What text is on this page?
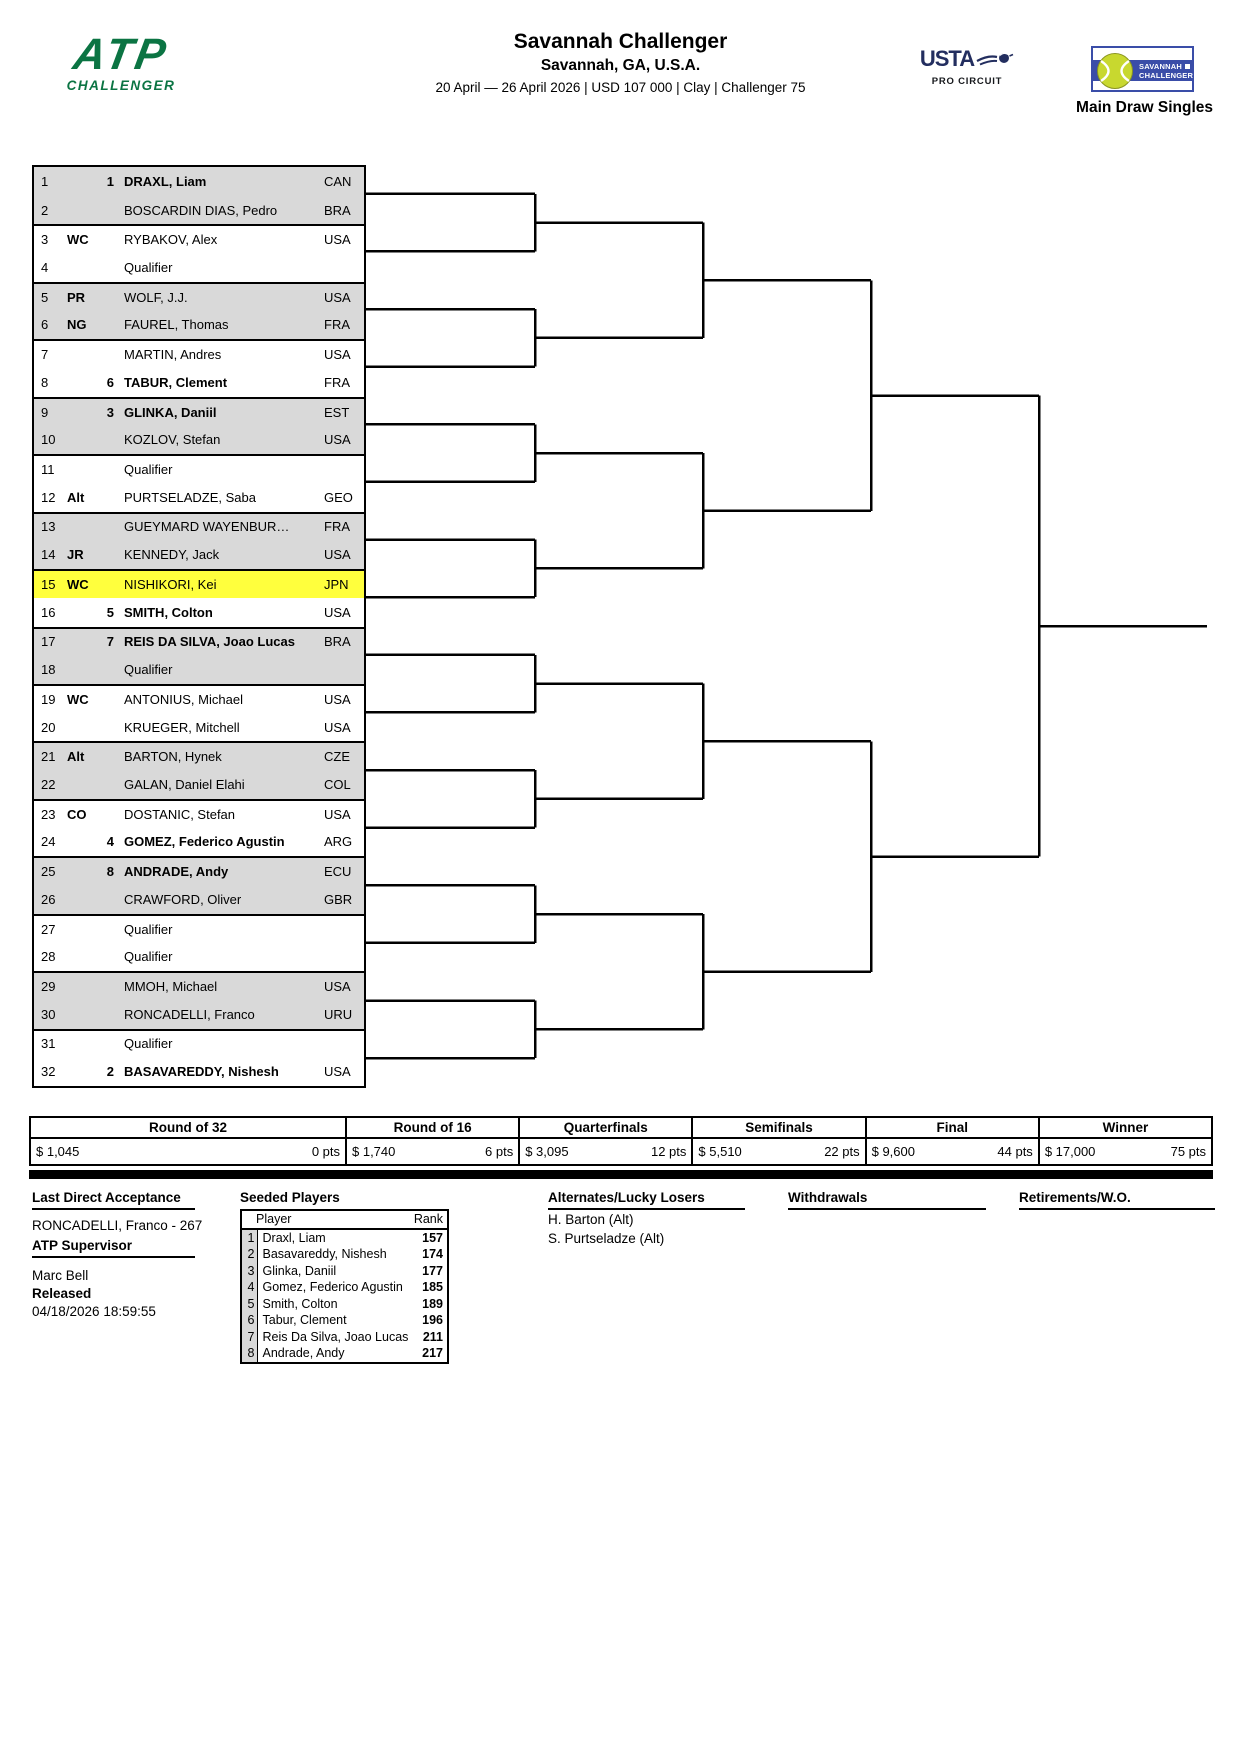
ATP
CHALLENGER
Savannah Challenger
Savannah, GA, U.S.A.
20 April — 26 April 2026 | USD 107 000 | Clay | Challenger 75
USTA
PRO CIRCUIT
SAVANNAH
CHALLENGER
Main Draw Singles
1	1 DRAXL, Liam	CAN
2	BOSCARDIN DIAS, Pedro	BRA
3	WC	RYBAKOV, Alex	USA
4	Qualifier
5	PR	WOLF, J.J.	USA
6	NG	FAUREL, Thomas	FRA
7	MARTIN, Andres	USA
8	6 TABUR, Clement	FRA
9	3 GLINKA, Daniil	EST
10	KOZLOV, Stefan	USA
11	Qualifier
12 Alt	PURTSELADZE, Saba	GEO
13	GUEYMARD WAYENBUR…	FRA
14 JR	KENNEDY, Jack	USA
15 WC	NISHIKORI, Kei	JPN
16	5 SMITH, Colton	USA
17	7 REIS DA SILVA, Joao Lucas	BRA
18	Qualifier
19 WC	ANTONIUS, Michael	USA
20	KRUEGER, Mitchell	USA
21 Alt	BARTON, Hynek	CZE
22	GALAN, Daniel Elahi	COL
23 CO	DOSTANIC, Stefan	USA
24	4 GOMEZ, Federico Agustin	ARG
25	8 ANDRADE, Andy	ECU
26	CRAWFORD, Oliver	GBR
27	Qualifier
28	Qualifier
29	MMOH, Michael	USA
30	RONCADELLI, Franco	URU
31	Qualifier
32	2 BASAVAREDDY, Nishesh	USA
Round of 32
$ 1,045	0 pts
Round of 16
$ 1,740	6 pts
Quarterfinals
$ 3,095	12 pts
Semifinals
$ 5,510	22 pts
Final
$ 9,600	44 pts
Winner
$ 17,000	75 pts
Last Direct Acceptance
RONCADELLI, Franco - 267
ATP Supervisor
Marc Bell
Released
04/18/2026 18:59:55
Seeded Players
Player		Rank
1	Draxl, Liam	157
2	Basavareddy, Nishesh	174
3	Glinka, Daniil	177
4	Gomez, Federico Agustin	185
5	Smith, Colton	189
6	Tabur, Clement	196
7	Reis Da Silva, Joao Lucas	211
8	Andrade, Andy	217
Alternates/Lucky Losers
H. Barton (Alt)
S. Purtseladze (Alt)
Withdrawals	Retirements/W.O.
